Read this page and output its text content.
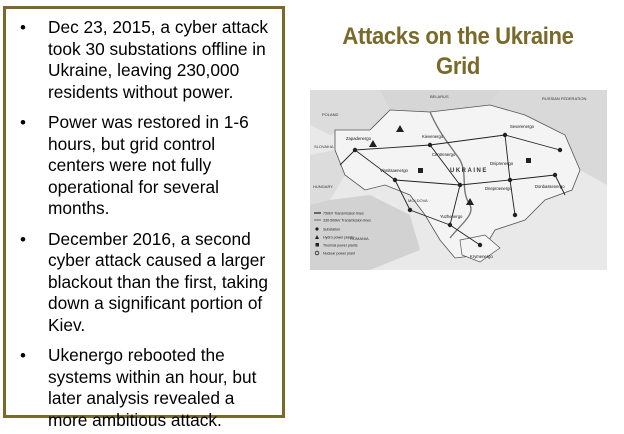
• Dec 23, 2015, a cyber attack took 30 substations offline in Ukraine, leaving 230,000 residents without power.
• Power was restored in 1-6 hours, but grid control centers were not fully operational for several months.
• December 2016, a second cyber attack caused a larger blackout than the first, taking down a significant portion of Kiev.
• Ukenergo rebooted the systems within an hour, but later analysis revealed a more ambitious attack.
Attacks on the Ukraine Grid
POLAND
BELARUS	RUSSIAN FEDERATION
SLOVAKIA
HUNGARY
ROMANIA
MOLDOVA
UKRAINE
Zapadenergo	Kievenergo
Centrenergo
Vinnitsaenergo
Dneproenergo	Donbassenergo
Yuzhenergo
Krymenergo
Severenergo
Dniprenergo
750kV Transmission lines
330-500kV Transmission lines
Substation
Hydro power plants
Thermal power plants
Nuclear power plant
